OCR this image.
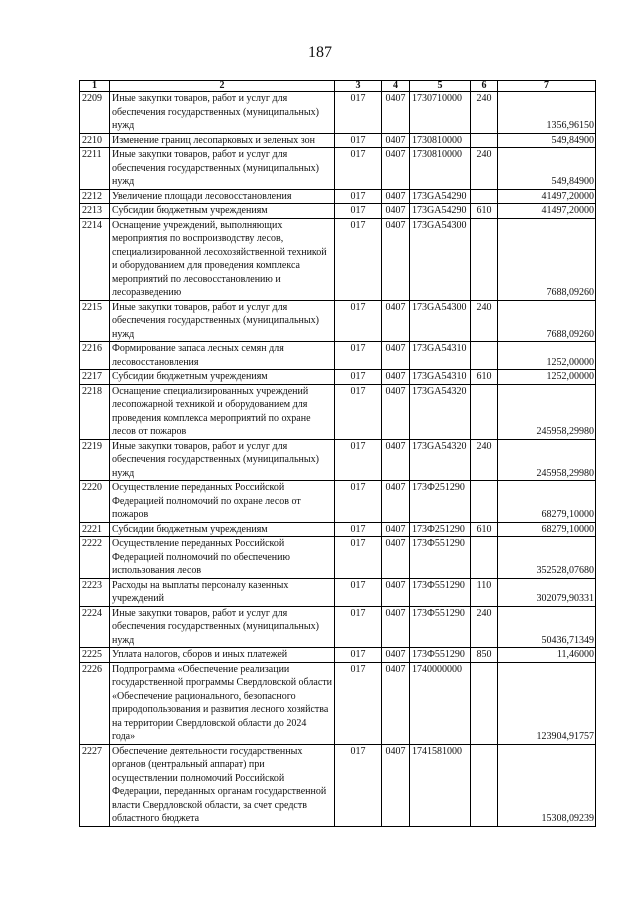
187
1	2	3	4	5	6	7
2209	Иные закупки товаров, работ и услуг для обеспечения государственных (муниципальных) нужд	017	0407	1730710000	240	1356,96150
2210	Изменение границ лесопарковых и зеленых зон	017	0407	1730810000		549,84900
2211	Иные закупки товаров, работ и услуг для обеспечения государственных (муниципальных) нужд	017	0407	1730810000	240	549,84900
2212	Увеличение площади лесовосстановления	017	0407	173GA54290		41497,20000
2213	Субсидии бюджетным учреждениям	017	0407	173GA54290	610	41497,20000
2214	Оснащение учреждений, выполняющих мероприятия по воспроизводству лесов, специализированной лесохозяйственной техникой и оборудованием для проведения комплекса мероприятий по лесовосстановлению и лесоразведению	017	0407	173GA54300		7688,09260
2215	Иные закупки товаров, работ и услуг для обеспечения государственных (муниципальных) нужд	017	0407	173GA54300	240	7688,09260
2216	Формирование запаса лесных семян для лесовосстановления	017	0407	173GA54310		1252,00000
2217	Субсидии бюджетным учреждениям	017	0407	173GA54310	610	1252,00000
2218	Оснащение специализированных учреждений лесопожарной техникой и оборудованием для проведения комплекса мероприятий по охране лесов от пожаров	017	0407	173GA54320		245958,29980
2219	Иные закупки товаров, работ и услуг для обеспечения государственных (муниципальных) нужд	017	0407	173GA54320	240	245958,29980
2220	Осуществление переданных Российской Федерацией полномочий по охране лесов от пожаров	017	0407	173Ф251290		68279,10000
2221	Субсидии бюджетным учреждениям	017	0407	173Ф251290	610	68279,10000
2222	Осуществление переданных Российской Федерацией полномочий по обеспечению использования лесов	017	0407	173Ф551290		352528,07680
2223	Расходы на выплаты персоналу казенных учреждений	017	0407	173Ф551290	110	302079,90331
2224	Иные закупки товаров, работ и услуг для обеспечения государственных (муниципальных) нужд	017	0407	173Ф551290	240	50436,71349
2225	Уплата налогов, сборов и иных платежей	017	0407	173Ф551290	850	11,46000
2226	Подпрограмма «Обеспечение реализации государственной программы Свердловской области «Обеспечение рационального, безопасного природопользования и развития лесного хозяйства на территории Свердловской области до 2024 года»	017	0407	1740000000		123904,91757
2227	Обеспечение деятельности государственных органов (центральный аппарат) при осуществлении полномочий Российской Федерации, переданных органам государственной власти Свердловской области, за счет средств областного бюджета	017	0407	1741581000		15308,09239
